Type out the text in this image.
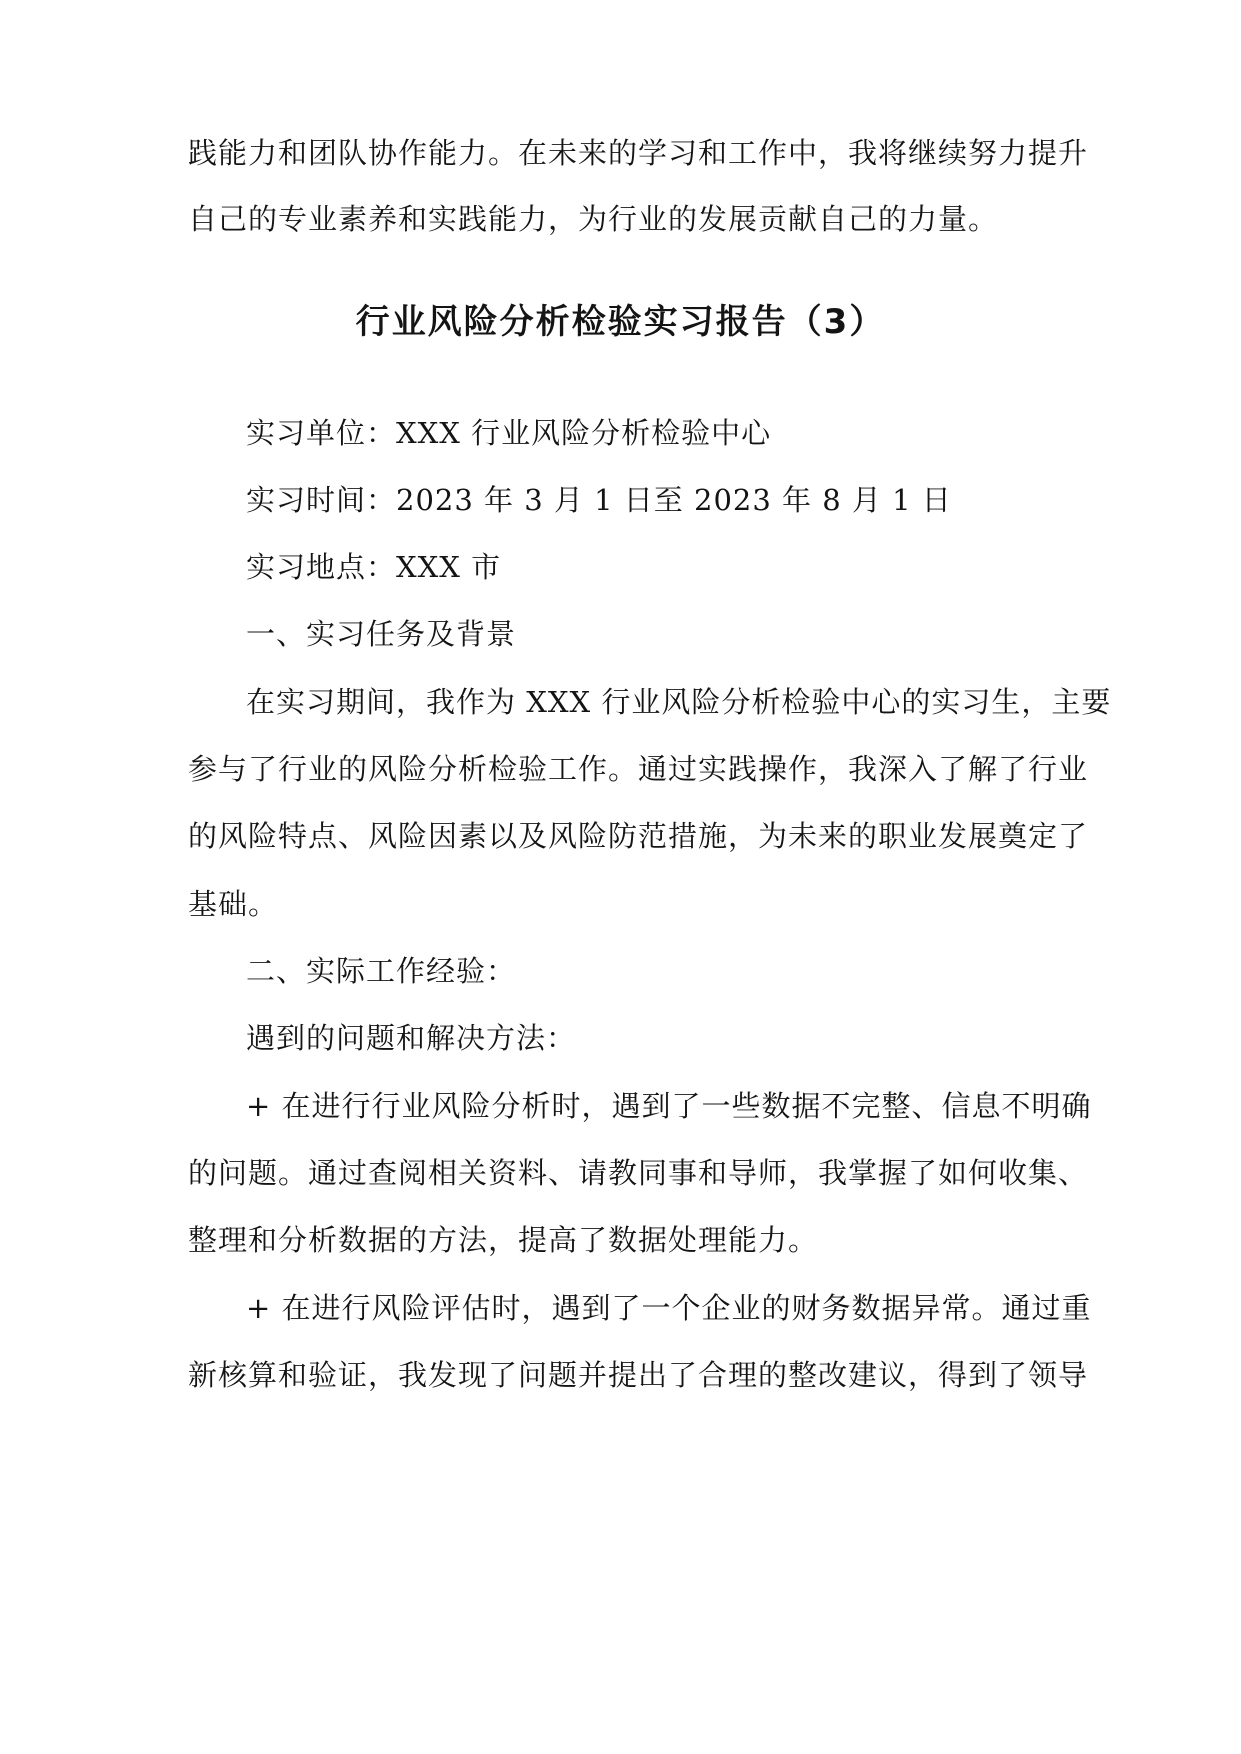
践能力和团队协作能力。在未来的学习和工作中，我将继续努力提升

自己的专业素养和实践能力，为行业的发展贡献自己的力量。

行业风险分析检验实习报告（3）

实习单位：XXX 行业风险分析检验中心

实习时间：2023 年 3 月 1 日至 2023 年 8 月 1 日

实习地点：XXX 市

一、实习任务及背景

在实习期间，我作为 XXX 行业风险分析检验中心的实习生，主要

参与了行业的风险分析检验工作。通过实践操作，我深入了解了行业

的风险特点、风险因素以及风险防范措施，为未来的职业发展奠定了

基础。

二、实际工作经验：

遇到的问题和解决方法：

+ 在进行行业风险分析时，遇到了一些数据不完整、信息不明确

的问题。通过查阅相关资料、请教同事和导师，我掌握了如何收集、

整理和分析数据的方法，提高了数据处理能力。

+ 在进行风险评估时，遇到了一个企业的财务数据异常。通过重

新核算和验证，我发现了问题并提出了合理的整改建议，得到了领导
